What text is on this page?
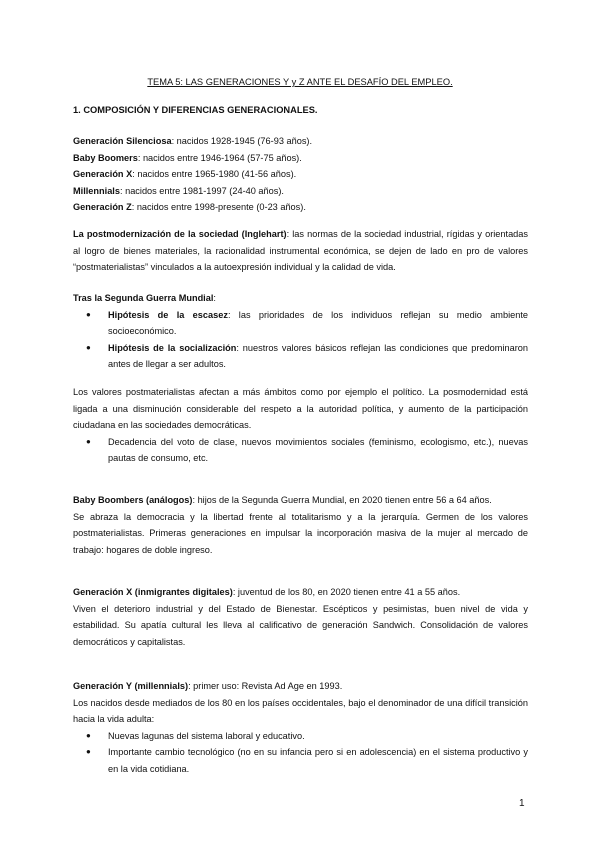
TEMA 5: LAS GENERACIONES Y y Z ANTE EL DESAFÍO DEL EMPLEO.
1. COMPOSICIÓN Y DIFERENCIAS GENERACIONALES.
Generación Silenciosa: nacidos 1928-1945 (76-93 años).
Baby Boomers: nacidos entre 1946-1964 (57-75 años).
Generación X: nacidos entre 1965-1980 (41-56 años).
Millennials: nacidos entre 1981-1997 (24-40 años).
Generación Z: nacidos entre 1998-presente (0-23 años).
La postmodernización de la sociedad (Inglehart): las normas de la sociedad industrial, rígidas y orientadas al logro de bienes materiales, la racionalidad instrumental económica, se dejen de lado en pro de valores “postmaterialistas” vinculados a la autoexpresión individual y la calidad de vida.
Tras la Segunda Guerra Mundial:
● Hipótesis de la escasez: las prioridades de los individuos reflejan su medio ambiente socioeconómico.
● Hipótesis de la socialización: nuestros valores básicos reflejan las condiciones que predominaron antes de llegar a ser adultos.
Los valores postmaterialistas afectan a más ámbitos como por ejemplo el político. La posmodernidad está ligada a una disminución considerable del respeto a la autoridad política, y aumento de la participación ciudadana en las sociedades democráticas.
● Decadencia del voto de clase, nuevos movimientos sociales (feminismo, ecologismo, etc.), nuevas pautas de consumo, etc.
Baby Boombers (análogos): hijos de la Segunda Guerra Mundial, en 2020 tienen entre 56 a 64 años.
Se abraza la democracia y la libertad frente al totalitarismo y a la jerarquía. Germen de los valores postmaterialistas. Primeras generaciones en impulsar la incorporación masiva de la mujer al mercado de trabajo: hogares de doble ingreso.
Generación X (inmigrantes digitales): juventud de los 80, en 2020 tienen entre 41 a 55 años.
Viven el deterioro industrial y del Estado de Bienestar. Escépticos y pesimistas, buen nivel de vida y estabilidad. Su apatía cultural les lleva al calificativo de generación Sandwich. Consolidación de valores democráticos y capitalistas.
Generación Y (millennials): primer uso: Revista Ad Age en 1993.
Los nacidos desde mediados de los 80 en los países occidentales, bajo el denominador de una difícil transición hacia la vida adulta:
● Nuevas lagunas del sistema laboral y educativo.
● Importante cambio tecnológico (no en su infancia pero si en adolescencia) en el sistema productivo y en la vida cotidiana.
1
